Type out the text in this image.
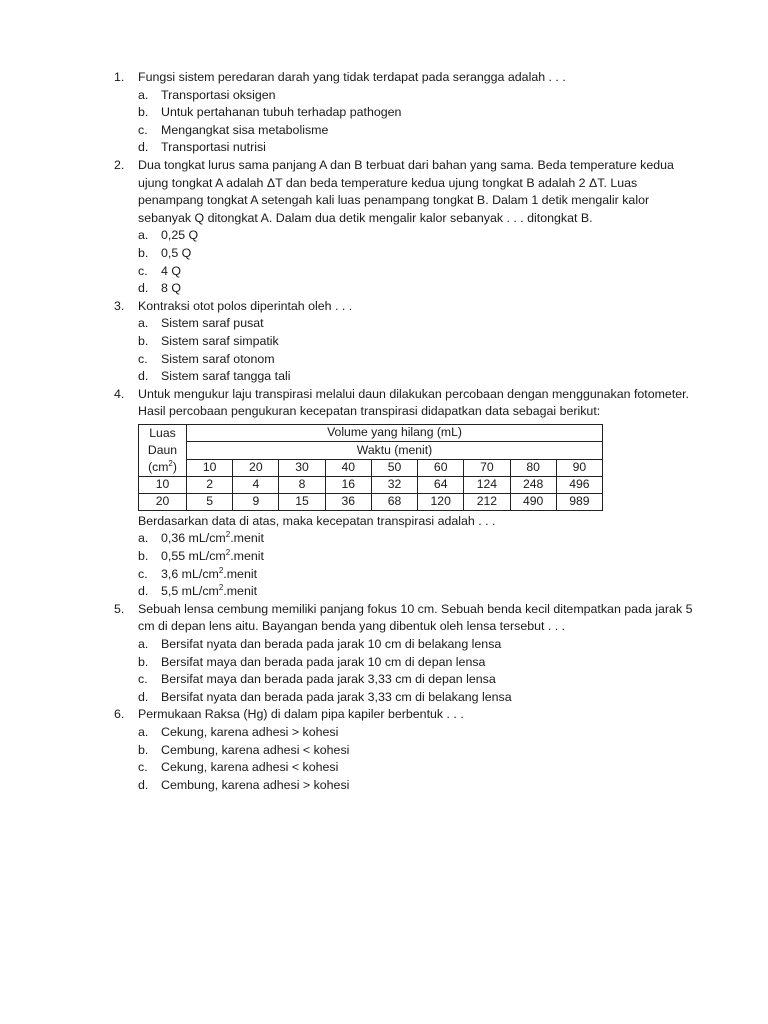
1. Fungsi sistem peredaran darah yang tidak terdapat pada serangga adalah . . .
a. Transportasi oksigen
b. Untuk pertahanan tubuh terhadap pathogen
c. Mengangkat sisa metabolisme
d. Transportasi nutrisi
2. Dua tongkat lurus sama panjang A dan B terbuat dari bahan yang sama. Beda temperature kedua ujung tongkat A adalah ΔT dan beda temperature kedua ujung tongkat B adalah 2 ΔT. Luas penampang tongkat A setengah kali luas penampang tongkat B. Dalam 1 detik mengalir kalor sebanyak Q ditongkat A. Dalam dua detik mengalir kalor sebanyak . . . ditongkat B.
a. 0,25 Q
b. 0,5 Q
c. 4 Q
d. 8 Q
3. Kontraksi otot polos diperintah oleh . . .
a. Sistem saraf pusat
b. Sistem saraf simpatik
c. Sistem saraf otonom
d. Sistem saraf tangga tali
4. Untuk mengukur laju transpirasi melalui daun dilakukan percobaan dengan menggunakan fotometer. Hasil percobaan pengukuran kecepatan transpirasi didapatkan data sebagai berikut:
Luas
Daun
$(cm^2)$	Volume yang hilang (mL)								
	Waktu (menit)								
	10	20	30	40	50	60	70	80	90
10	2	4	8	16	32	64	124	248	496
20	5	9	15	36	68	120	212	490	989
Berdasarkan data di atas, maka kecepatan transpirasi adalah . . .
a. 0,36 $mL/cm^2.menit$
b. 0,55 $mL/cm^2.menit$
c. 3,6 $mL/cm^2.menit$
d. 5,5 $mL/cm^2.menit$
5. Sebuah lensa cembung memiliki panjang fokus 10 cm. Sebuah benda kecil ditempatkan pada jarak 5 cm di depan lens aitu. Bayangan benda yang dibentuk oleh lensa tersebut . . .
a. Bersifat nyata dan berada pada jarak 10 cm di belakang lensa
b. Bersifat maya dan berada pada jarak 10 cm di depan lensa
c. Bersifat maya dan berada pada jarak 3,33 cm di depan lensa
d. Bersifat nyata dan berada pada jarak 3,33 cm di belakang lensa
6. Permukaan Raksa (Hg) di dalam pipa kapiler berbentuk . . .
a. Cekung, karena adhesi > kohesi
b. Cembung, karena adhesi < kohesi
c. Cekung, karena adhesi < kohesi
d. Cembung, karena adhesi > kohesi
